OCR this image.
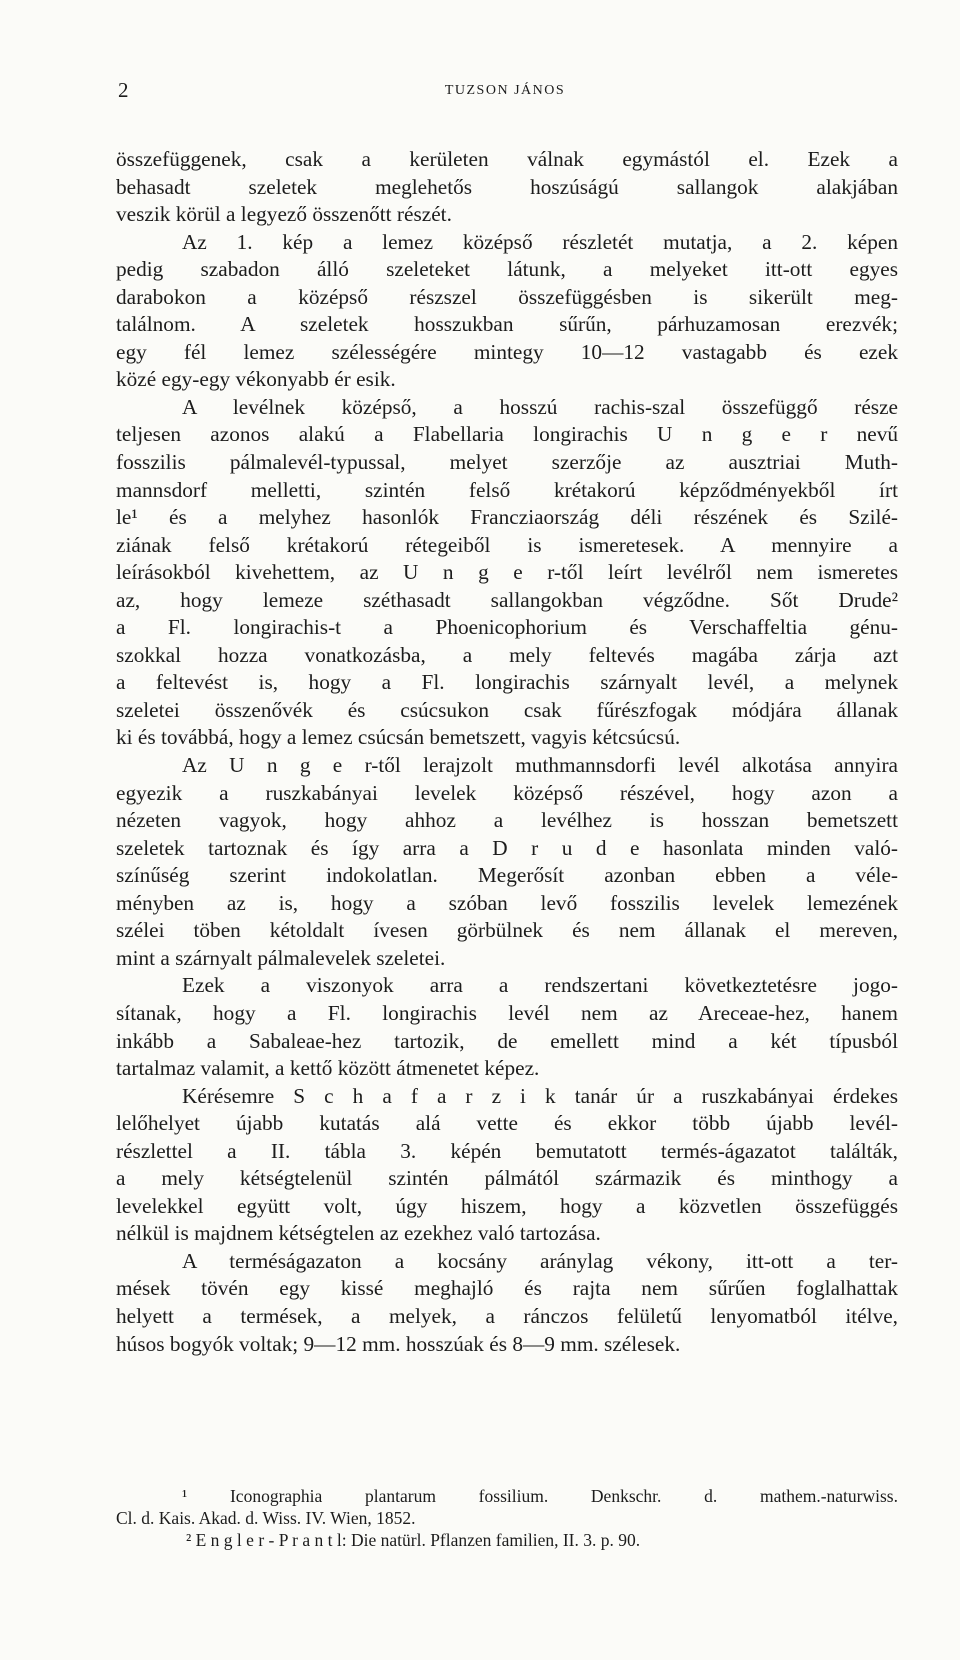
2	TUZSON JÁNOS
összefüggenek, csak a kerületen válnak egymástól el. Ezek a
behasadt szeletek meglehetős hoszúságú sallangok alakjában
veszik körül a legyező összenőtt részét.
Az 1. kép a lemez középső részletét mutatja, a 2. képen
pedig szabadon álló szeleteket látunk, a melyeket itt-ott egyes
darabokon a középső részszel összefüggésben is sikerült meg-
találnom. A szeletek hosszukban sűrűn, párhuzamosan erezvék;
egy fél lemez szélességére mintegy 10—12 vastagabb és ezek
közé egy-egy vékonyabb ér esik.
A levélnek középső, a hosszú rachis-szal összefüggő része
teljesen azonos alakú a Flabellaria longirachis U n g e r nevű
fosszilis pálmalevél-typussal, melyet szerzője az ausztriai Muth-
mannsdorf melletti, szintén felső krétakorú képződményekből írt
le¹ és a melyhez hasonlók Francziaország déli részének és Szilé-
ziának felső krétakorú rétegeiből is ismeretesek. A mennyire a
leírásokból kivehettem, az U n g e r-től leírt levélről nem ismeretes
az, hogy lemeze széthasadt sallangokban végződne. Sőt Drude²
a Fl. longirachis-t a Phoenicophorium és Verschaffeltia génu-
szokkal hozza vonatkozásba, a mely feltevés magába zárja azt
a feltevést is, hogy a Fl. longirachis szárnyalt levél, a melynek
szeletei összenővék és csúcsukon csak fűrészfogak módjára állanak
ki és továbbá, hogy a lemez csúcsán bemetszett, vagyis kétcsúcsú.
Az U n g e r-től lerajzolt muthmannsdorfi levél alkotása annyira
egyezik a ruszkabányai levelek középső részével, hogy azon a
nézeten vagyok, hogy ahhoz a levélhez is hosszan bemetszett
szeletek tartoznak és így arra a D r u d e hasonlata minden való-
színűség szerint indokolatlan. Megerősít azonban ebben a véle-
ményben az is, hogy a szóban levő fosszilis levelek lemezének
szélei töben kétoldalt ívesen görbülnek és nem állanak el mereven,
mint a szárnyalt pálmalevelek szeletei.
Ezek a viszonyok arra a rendszertani következtetésre jogo-
sítanak, hogy a Fl. longirachis levél nem az Areceae-hez, hanem
inkább a Sabaleae-hez tartozik, de emellett mind a két típusból
tartalmaz valamit, a kettő között átmenetet képez.
Kérésemre S c h a f a r z i k tanár úr a ruszkabányai érdekes
lelőhelyet újabb kutatás alá vette és ekkor több újabb levél-
részlettel a II. tábla 3. képén bemutatott termés-ágazatot találták,
a mely kétségtelenül szintén pálmától származik és minthogy a
levelekkel együtt volt, úgy hiszem, hogy a közvetlen összefüggés
nélkül is majdnem kétségtelen az ezekhez való tartozása.
A terméságazaton a kocsány aránylag vékony, itt-ott a ter-
mések tövén egy kissé meghajló és rajta nem sűrűen foglalhattak
helyett a termések, a melyek, a ránczos felületű lenyomatból itélve,
húsos bogyók voltak; 9—12 mm. hosszúak és 8—9 mm. szélesek.
¹ Iconographia plantarum fossilium. Denkschr. d. mathem.-naturwiss.
Cl. d. Kais. Akad. d. Wiss. IV. Wien, 1852.
² E n g l e r - P r a n t l: Die natürl. Pflanzen familien, II. 3. p. 90.
